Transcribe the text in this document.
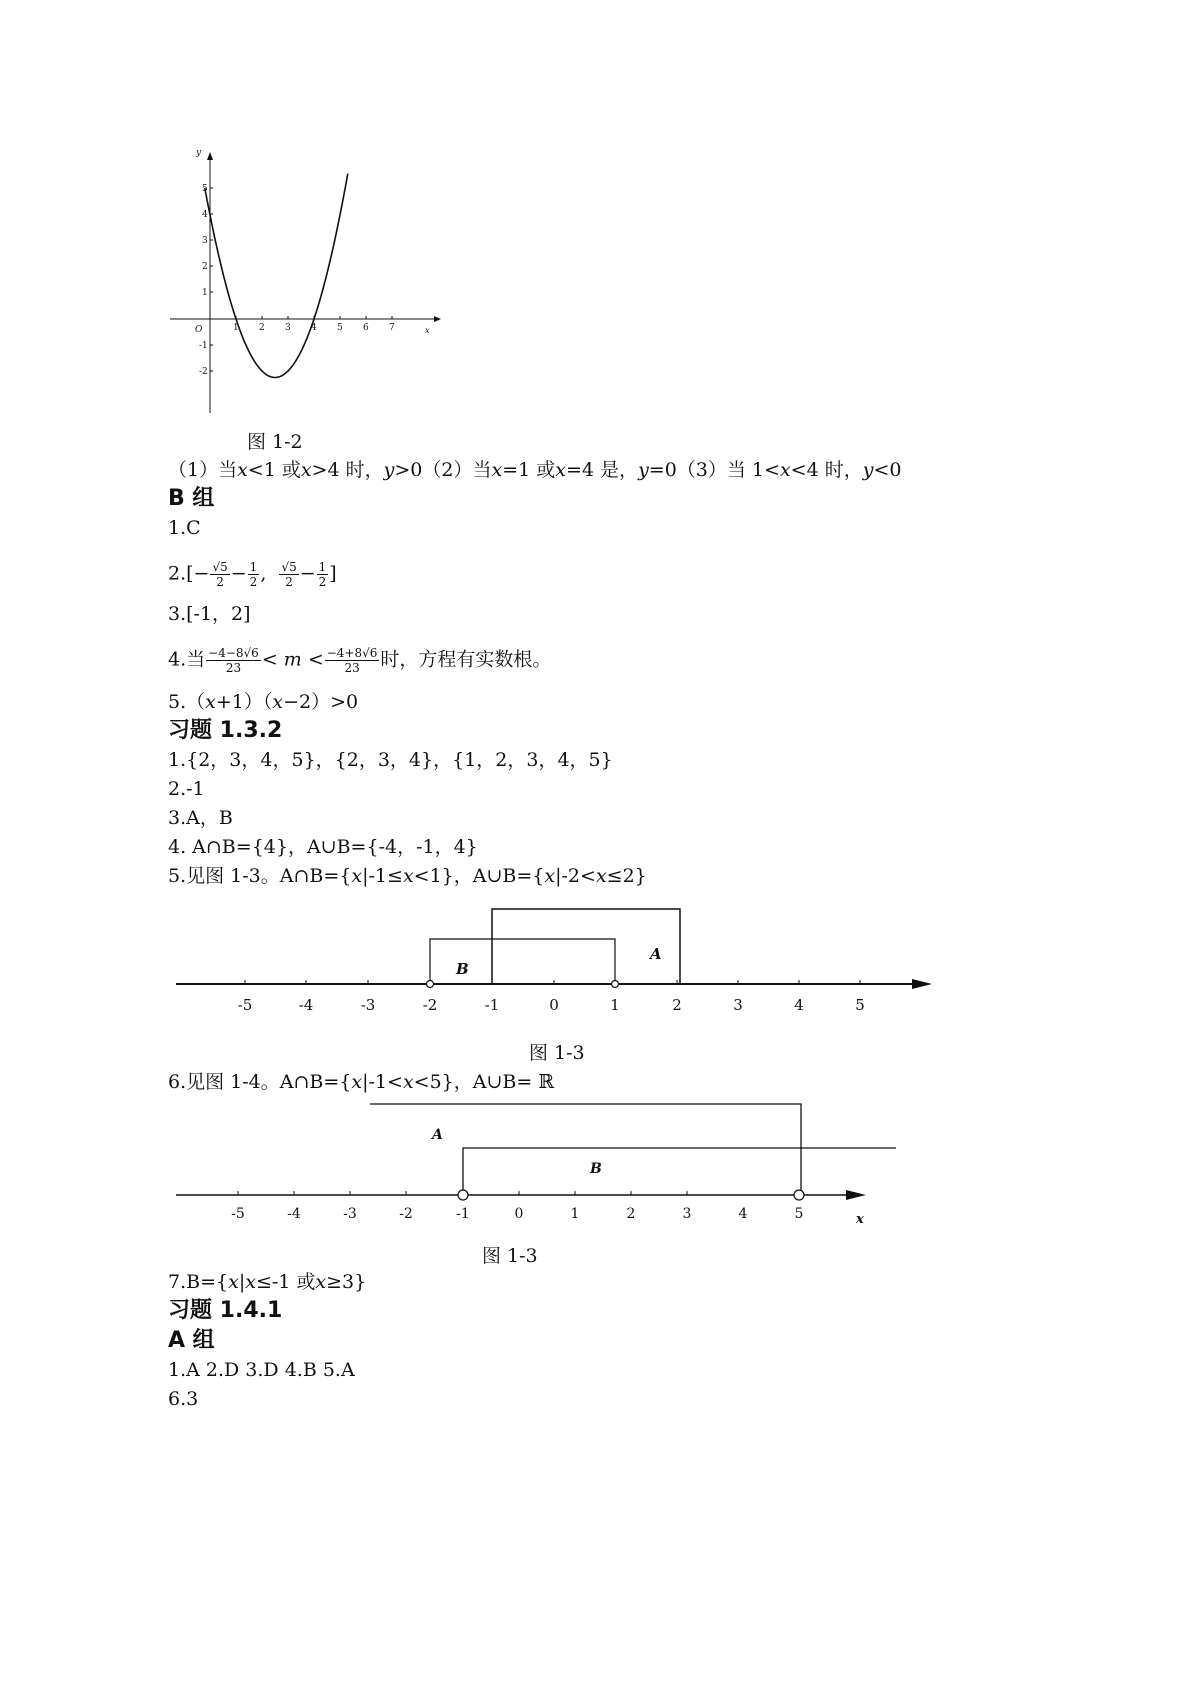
1 2 3 4 5 6 7
5
4
3
2
1
-1
-2
y
x
O
图 1-2
（1）当x<1 或x>4 时，y>0（2）当x=1 或x=4 是，y=0（3）当 1<x<4 时，y<0
B 组
1.C
$2.[- \frac{√5}{2} - \frac{1}{2}$ , $\frac{√5}{2} - \frac{1}{2}$ ]
3.[-1，2]
4.当 $\frac{-4-8√6}{23} < m < \frac{-4+8√6}{23}$ 时，方程有实数根。
5.（x+1）（x−2）>0
习题 1.3.2
1.{2，3，4，5}，{2，3，4}，{1，2，3，4，5}
2.-1
3.A，B
4. A∩B={4}，A∪B={-4，-1，4}
5.见图 1-3。A∩B={x|-1≤x<1}，A∪B={x|-2<x≤2}
-5	-4	-3	-2	-1	0	1	2	3	4	5
A
B
图 1-3
6.见图 1-4。A∩B={x|-1<x<5}，A∪B= ℝ
-5	-4	-3	-2	-1	0	1	2	3	4	5
A
B
x
图 1-3
7.B={x|x≤-1 或x≥3}
习题 1.4.1
A 组
1.A 2.D 3.D 4.B 5.A
6.3
